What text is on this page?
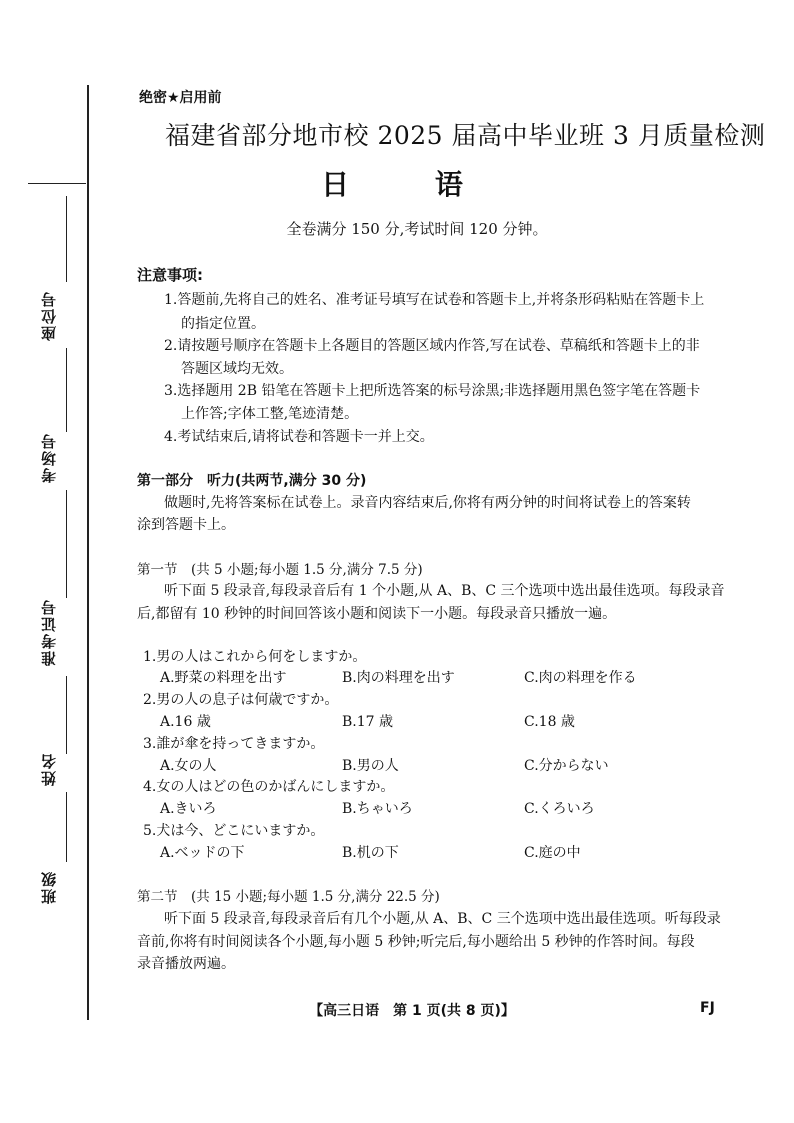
座位号
考场号
准考证号
姓名
班级
绝密★启用前
福建省部分地市校 2025 届高中毕业班 3 月质量检测
日 语
全卷满分 150 分,考试时间 120 分钟。
注意事项:
1.答题前,先将自己的姓名、准考证号填写在试卷和答题卡上,并将条形码粘贴在答题卡上
的指定位置。
2.请按题号顺序在答题卡上各题目的答题区域内作答,写在试卷、草稿纸和答题卡上的非
答题区域均无效。
3.选择题用 2B 铅笔在答题卡上把所选答案的标号涂黑;非选择题用黑色签字笔在答题卡
上作答;字体工整,笔迹清楚。
4.考试结束后,请将试卷和答题卡一并上交。
第一部分　听力(共两节,满分 30 分)
做题时,先将答案标在试卷上。录音内容结束后,你将有两分钟的时间将试卷上的答案转
涂到答题卡上。
第一节　(共 5 小题;每小题 1.5 分,满分 7.5 分)
听下面 5 段录音,每段录音后有 1 个小题,从 A、B、C 三个选项中选出最佳选项。每段录音
后,都留有 10 秒钟的时间回答该小题和阅读下一小题。每段录音只播放一遍。
1.男の人はこれから何をしますか。
A.野菜の料理を出す	B.肉の料理を出す	C.肉の料理を作る
2.男の人の息子は何歳ですか。
A.16 歳	B.17 歳	C.18 歳
3.誰が傘を持ってきますか。
A.女の人	B.男の人	C.分からない
4.女の人はどの色のかばんにしますか。
A.きいろ	B.ちゃいろ	C.くろいろ
5.犬は今、どこにいますか。
A.ベッドの下	B.机の下	C.庭の中
第二节　(共 15 小题;每小题 1.5 分,满分 22.5 分)
听下面 5 段录音,每段录音后有几个小题,从 A、B、C 三个选项中选出最佳选项。听每段录
音前,你将有时间阅读各个小题,每小题 5 秒钟;听完后,每小题给出 5 秒钟的作答时间。每段
录音播放两遍。
【高三日语　第 1 页(共 8 页)】	FJ
